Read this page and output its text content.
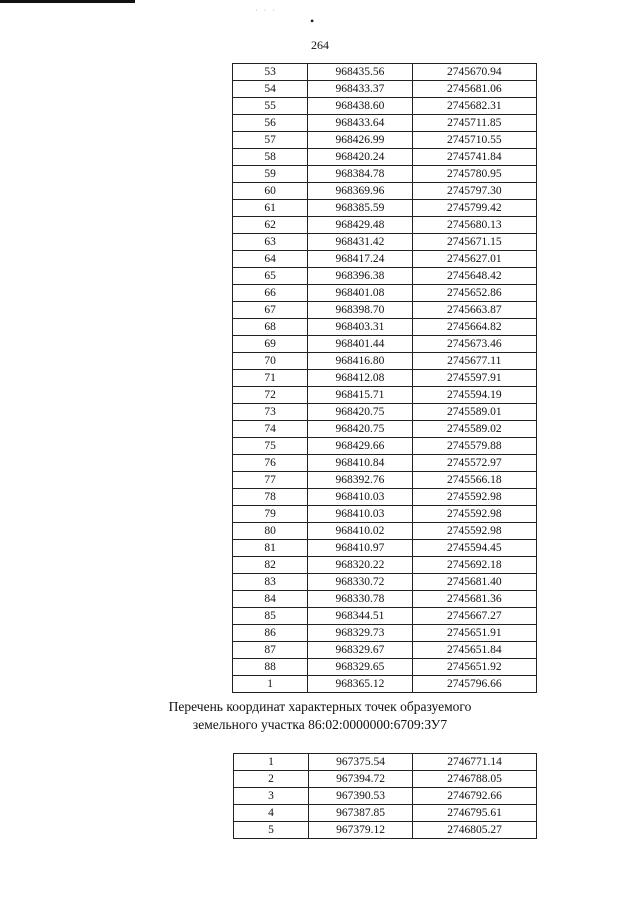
· · ·
•
264
53	968435.56	2745670.94
54	968433.37	2745681.06
55	968438.60	2745682.31
56	968433.64	2745711.85
57	968426.99	2745710.55
58	968420.24	2745741.84
59	968384.78	2745780.95
60	968369.96	2745797.30
61	968385.59	2745799.42
62	968429.48	2745680.13
63	968431.42	2745671.15
64	968417.24	2745627.01
65	968396.38	2745648.42
66	968401.08	2745652.86
67	968398.70	2745663.87
68	968403.31	2745664.82
69	968401.44	2745673.46
70	968416.80	2745677.11
71	968412.08	2745597.91
72	968415.71	2745594.19
73	968420.75	2745589.01
74	968420.75	2745589.02
75	968429.66	2745579.88
76	968410.84	2745572.97
77	968392.76	2745566.18
78	968410.03	2745592.98
79	968410.03	2745592.98
80	968410.02	2745592.98
81	968410.97	2745594.45
82	968320.22	2745692.18
83	968330.72	2745681.40
84	968330.78	2745681.36
85	968344.51	2745667.27
86	968329.73	2745651.91
87	968329.67	2745651.84
88	968329.65	2745651.92
1	968365.12	2745796.66
Перечень координат характерных точек образуемого
земельного участка 86:02:0000000:6709:ЗУ7
1	967375.54	2746771.14
2	967394.72	2746788.05
3	967390.53	2746792.66
4	967387.85	2746795.61
5	967379.12	2746805.27
